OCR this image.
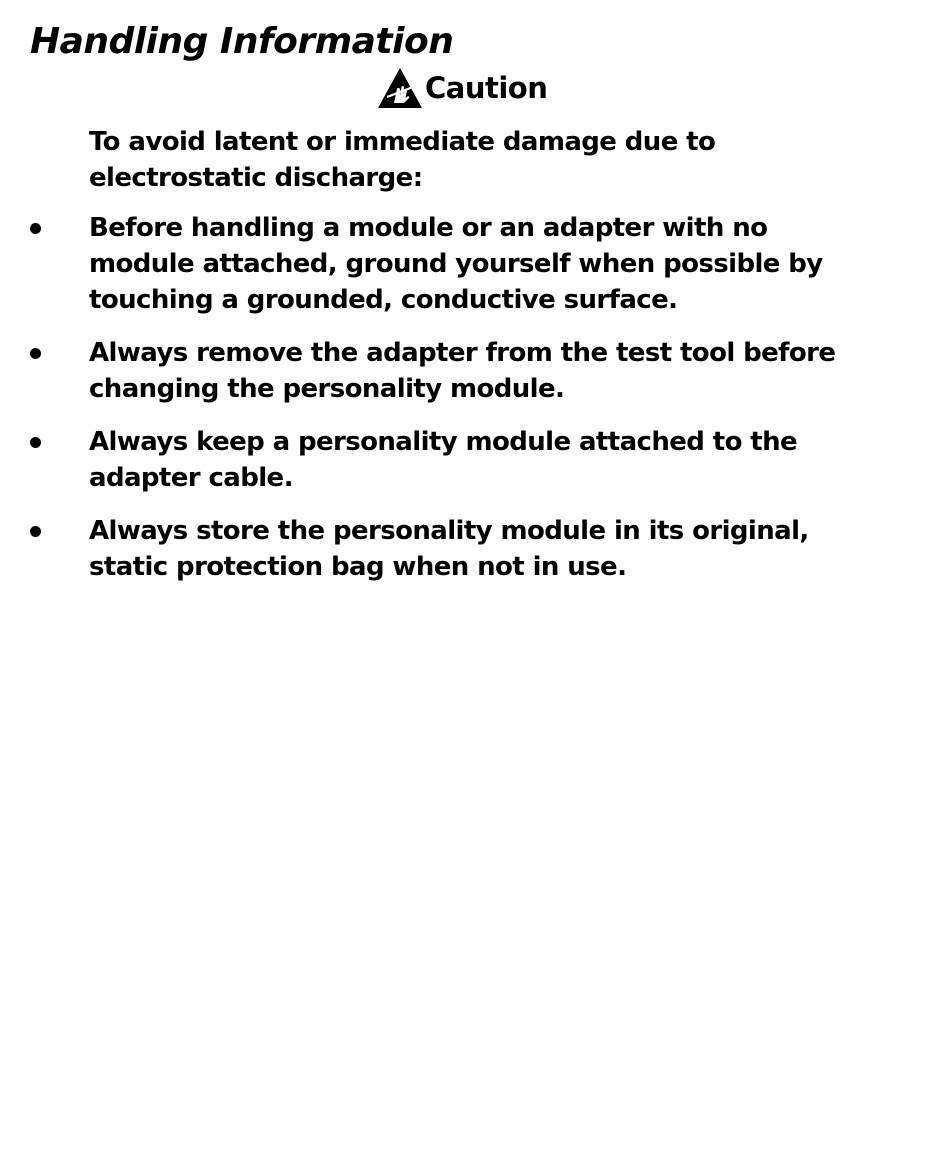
Handling Information
Caution

To avoid latent or immediate damage due to electrostatic discharge:

Before handling a module or an adapter with no module attached, ground yourself when possible by touching a grounded, conductive surface.
Always remove the adapter from the test tool before changing the personality module.
Always keep a personality module attached to the adapter cable.
Always store the personality module in its original, static protection bag when not in use.
